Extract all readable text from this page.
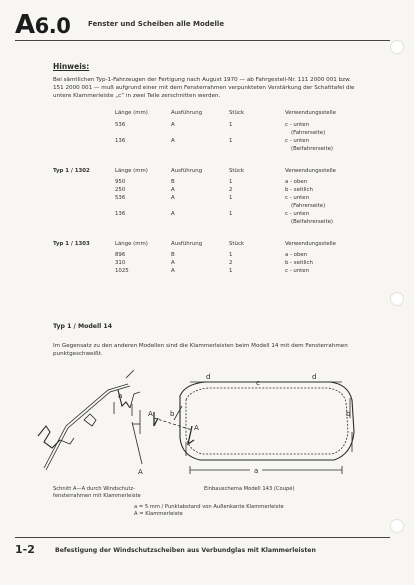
A6.0	Fenster und Scheiben alle Modelle
Hinweis:
Bei sämtlichen Typ-1-Fahrzeugen der Fertigung nach August 1970 — ab Fahrgestell-Nr. 111 2000 001 bzw.
151 2000 001 — muß aufgrund einer mit dem Fensterrahmen verpunkteten Verstärkung der Schalttafel die
untere Klammerleiste „c“ in zwei Teile zerschnitten werden.
Länge (mm)	Ausführung	Stück	Verwendungsstelle
536	A	1	c - unten
(Fahrerseite)
136	A	1	c - unten
(Beifahrerseite)
Typ 1 / 1302	Länge (mm)	Ausführung	Stück	Verwendungsstelle
950	B	1	a - oben
250	A	2	b - seitlich
536	A	1	c - unten
(Fahrerseite)
136	A	1	c - unten
(Beifahrerseite)
Typ 1 / 1303	Länge (mm)	Ausführung	Stück	Verwendungsstelle
896	B	1	a - oben
310	A	2	b - seitlich
1025	A	1	c - unten
Typ 1 / Modell 14
Im Gegensatz zu den anderen Modellen sind die Klammerleisten beim Modell 14 mit dem Fensterrahmen
punktgeschweißt.
d
c
d
a
b	b
A
A
a
A
Schnitt A—A durch Windschutz-
fensterrahmen mit Klammerleiste
Einbauschema Modell 143 (Coupé)
a = 5 mm / Punktabstand von Außenkante Klammerleiste
A = Klammerleiste
1-2	Befestigung der Windschutzscheiben aus Verbundglas mit Klammerleisten
